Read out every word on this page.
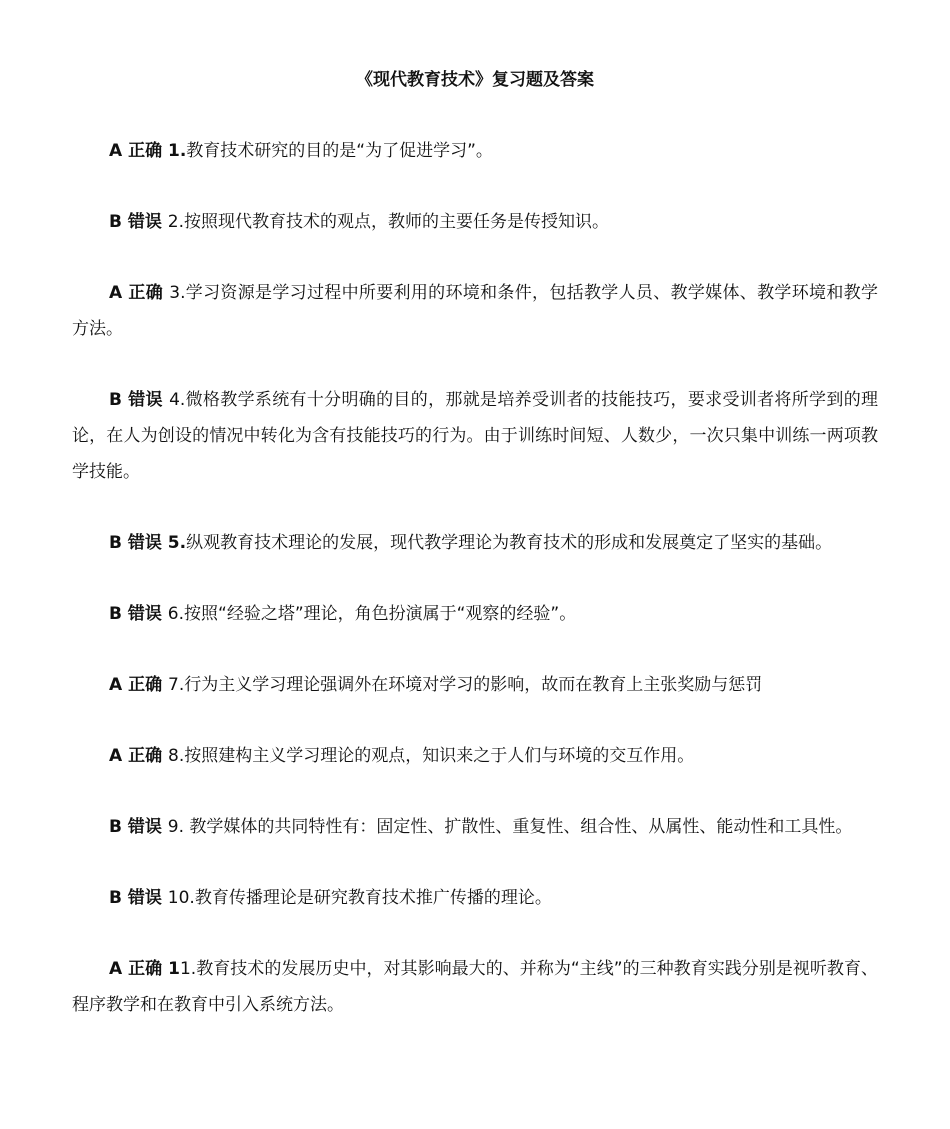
《现代教育技术》复习题及答案

A 正确 1.教育技术研究的目的是“为了促进学习”。

B 错误 2.按照现代教育技术的观点，教师的主要任务是传授知识。

A 正确 3.学习资源是学习过程中所要利用的环境和条件，包括教学人员、教学媒体、教学环境和教学方法。

B 错误 4.微格教学系统有十分明确的目的，那就是培养受训者的技能技巧，要求受训者将所学到的理论，在人为创设的情况中转化为含有技能技巧的行为。由于训练时间短、人数少，一次只集中训练一两项教学技能。

B 错误 5.纵观教育技术理论的发展，现代教学理论为教育技术的形成和发展奠定了坚实的基础。

B 错误 6.按照“经验之塔”理论，角色扮演属于“观察的经验”。

A 正确 7.行为主义学习理论强调外在环境对学习的影响，故而在教育上主张奖励与惩罚

A 正确 8.按照建构主义学习理论的观点，知识来之于人们与环境的交互作用。

B 错误 9. 教学媒体的共同特性有：固定性、扩散性、重复性、组合性、从属性、能动性和工具性。

B 错误 10.教育传播理论是研究教育技术推广传播的理论。

A 正确 11.教育技术的发展历史中，对其影响最大的、并称为“主线”的三种教育实践分别是视听教育、程序教学和在教育中引入系统方法。
